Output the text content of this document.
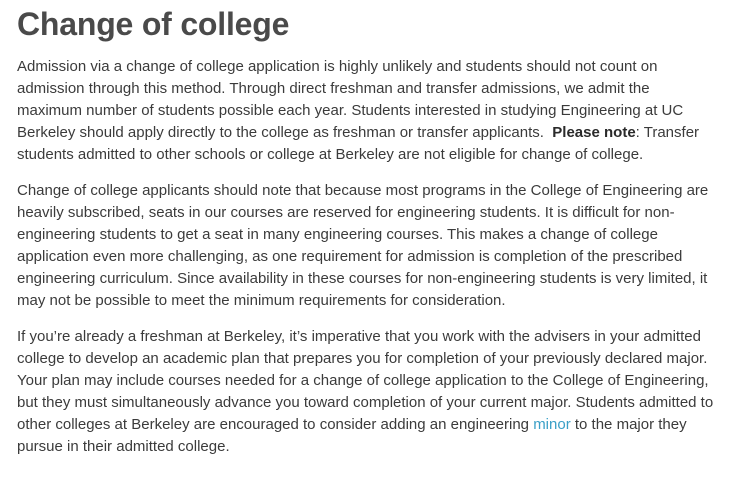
Change of college

Admission via a change of college application is highly unlikely and students should not count on admission through this method. Through direct freshman and transfer admissions, we admit the maximum number of students possible each year. Students interested in studying Engineering at UC Berkeley should apply directly to the college as freshman or transfer applicants. Please note: Transfer students admitted to other schools or college at Berkeley are not eligible for change of college.

Change of college applicants should note that because most programs in the College of Engineering are heavily subscribed, seats in our courses are reserved for engineering students. It is difficult for non-engineering students to get a seat in many engineering courses. This makes a change of college application even more challenging, as one requirement for admission is completion of the prescribed engineering curriculum. Since availability in these courses for non-engineering students is very limited, it may not be possible to meet the minimum requirements for consideration.

If you’re already a freshman at Berkeley, it’s imperative that you work with the advisers in your admitted college to develop an academic plan that prepares you for completion of your previously declared major. Your plan may include courses needed for a change of college application to the College of Engineering, but they must simultaneously advance you toward completion of your current major. Students admitted to other colleges at Berkeley are encouraged to consider adding an engineering minor to the major they pursue in their admitted college.
